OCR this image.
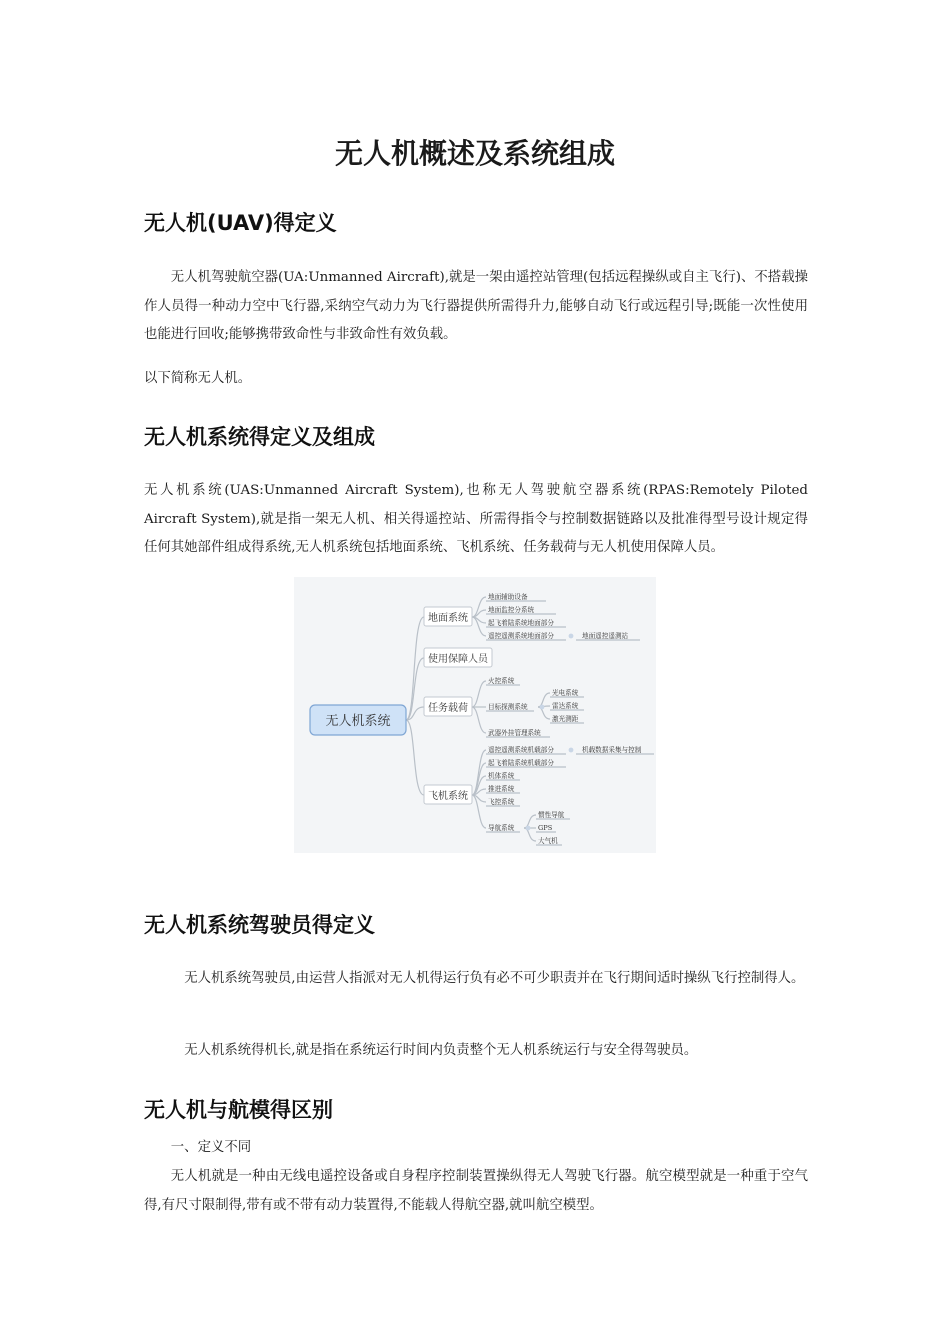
无人机概述及系统组成
无人机(UAV)得定义
无人机驾驶航空器(UA:Unmanned Aircraft),就是一架由遥控站管理(包括远程操纵或自主飞行)、不搭载操作人员得一种动力空中飞行器,采纳空气动力为飞行器提供所需得升力,能够自动飞行或远程引导;既能一次性使用也能进行回收;能够携带致命性与非致命性有效负载。
以下简称无人机。
无人机系统得定义及组成
无人机系统(UAS:Unmanned Aircraft System),也称无人驾驶航空器系统(RPAS:Remotely Piloted Aircraft System),就是指一架无人机、相关得遥控站、所需得指令与控制数据链路以及批准得型号设计规定得任何其她部件组成得系统,无人机系统包括地面系统、飞机系统、任务载荷与无人机使用保障人员。
无人机系统
地面系统
使用保障人员
任务载荷
飞机系统
地面辅助设备
地面监控分系统
起飞着陆系统地面部分
遥控遥测系统地面部分	地面遥控遥测站
火控系统
目标探测系统
武器外挂管理系统
光电系统
雷达系统
激光测距
遥控遥测系统机载部分	机载数据采集与控制
起飞着陆系统机载部分
机体系统
推进系统
飞控系统
导航系统
惯性导航
GPS
大气机
无人机系统驾驶员得定义
无人机系统驾驶员,由运营人指派对无人机得运行负有必不可少职责并在飞行期间适时操纵飞行控制得人。
无人机系统得机长,就是指在系统运行时间内负责整个无人机系统运行与安全得驾驶员。
无人机与航模得区别
一、定义不同
无人机就是一种由无线电遥控设备或自身程序控制装置操纵得无人驾驶飞行器。航空模型就是一种重于空气得,有尺寸限制得,带有或不带有动力装置得,不能载人得航空器,就叫航空模型。
